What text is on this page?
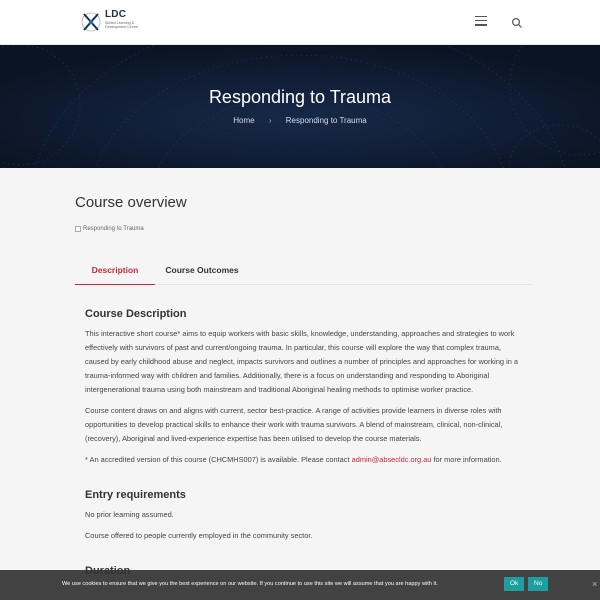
LDC
Skilled Learning & Development Centre
Responding to Trauma
Home › Responding to Trauma
Course overview
Responding to Trauma
Description	Course Outcomes
Course Description

This interactive short course* aims to equip workers with basic skills, knowledge, understanding, approaches and strategies to work effectively with survivors of past and current/ongoing trauma. In particular, this course will explore the way that complex trauma, caused by early childhood abuse and neglect, impacts survivors and outlines a number of principles and approaches for working in a trauma-informed way with children and families. Additionally, there is a focus on understanding and responding to Aboriginal intergenerational trauma using both mainstream and traditional Aboriginal healing methods to optimise worker practice.

Course content draws on and aligns with current, sector best-practice. A range of activities provide learners in diverse roles with opportunities to develop practical skills to enhance their work with trauma survivors. A blend of mainstream, clinical, non-clinical, (recovery), Aboriginal and lived-experience expertise has been utilised to develop the course materials.

* An accredited version of this course (CHCMHS007) is available. Please contact admin@absecldc.org.au for more information.

Entry requirements

No prior learning assumed.

Course offered to people currently employed in the community sector.

We use cookies to ensure that we give you the best experience on our website. If you continue to use this site we will assume that you are happy with it.	Ok	No	×
